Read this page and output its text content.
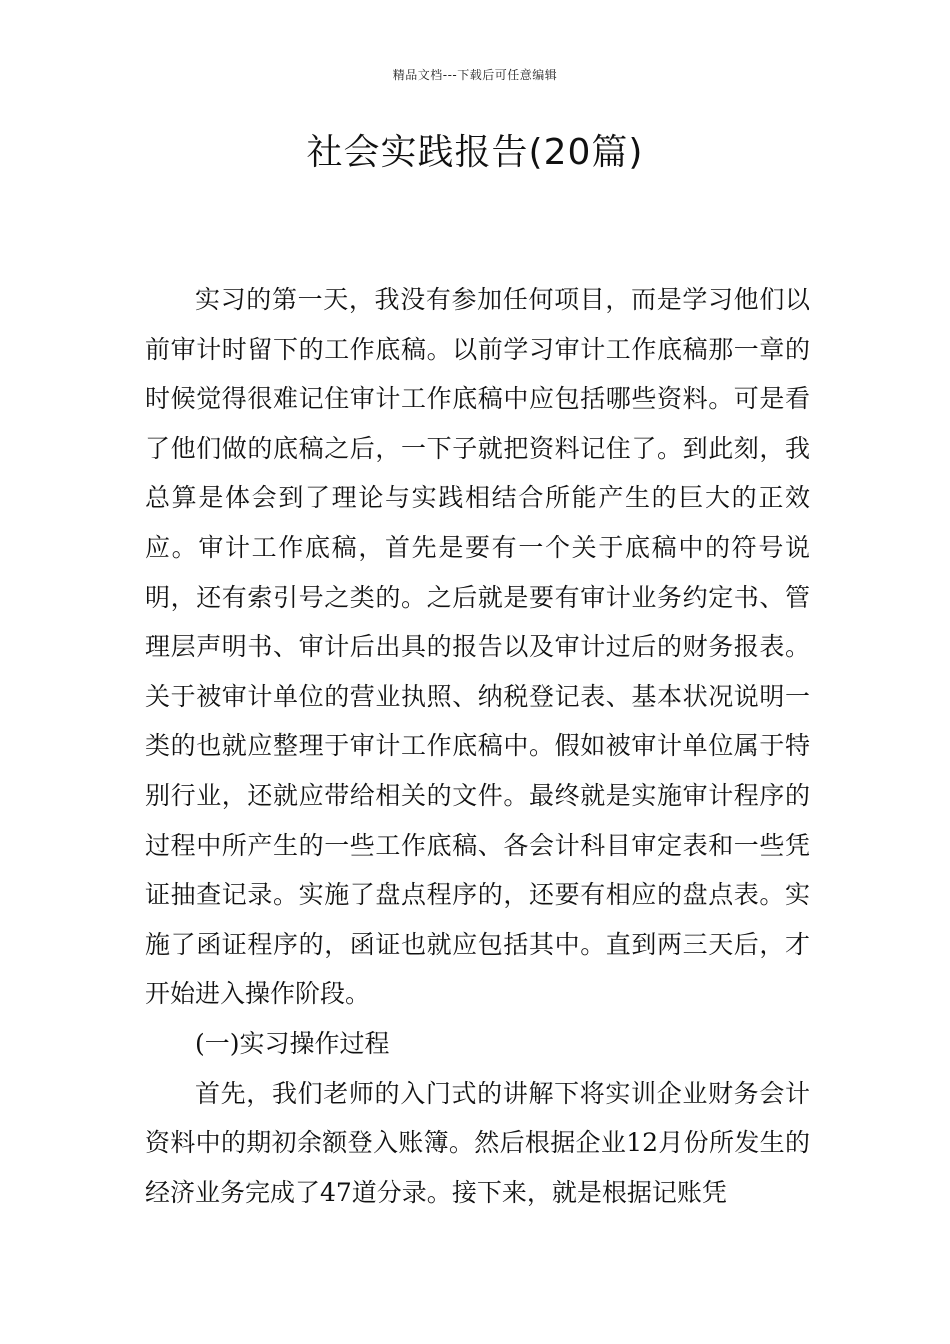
精品文档---下载后可任意编辑
社会实践报告(20篇)

实习的第一天，我没有参加任何项目，而是学习他们以前审计时留下的工作底稿。以前学习审计工作底稿那一章的时候觉得很难记住审计工作底稿中应包括哪些资料。可是看了他们做的底稿之后，一下子就把资料记住了。到此刻，我总算是体会到了理论与实践相结合所能产生的巨大的正效应。审计工作底稿，首先是要有一个关于底稿中的符号说明，还有索引号之类的。之后就是要有审计业务约定书、管理层声明书、审计后出具的报告以及审计过后的财务报表。关于被审计单位的营业执照、纳税登记表、基本状况说明一类的也就应整理于审计工作底稿中。假如被审计单位属于特别行业，还就应带给相关的文件。最终就是实施审计程序的过程中所产生的一些工作底稿、各会计科目审定表和一些凭证抽查记录。实施了盘点程序的，还要有相应的盘点表。实施了函证程序的，函证也就应包括其中。直到两三天后，才开始进入操作阶段。

(一)实习操作过程

首先，我们老师的入门式的讲解下将实训企业财务会计资料中的期初余额登入账簿。然后根据企业12月份所发生的经济业务完成了47道分录。接下来，就是根据记账凭
